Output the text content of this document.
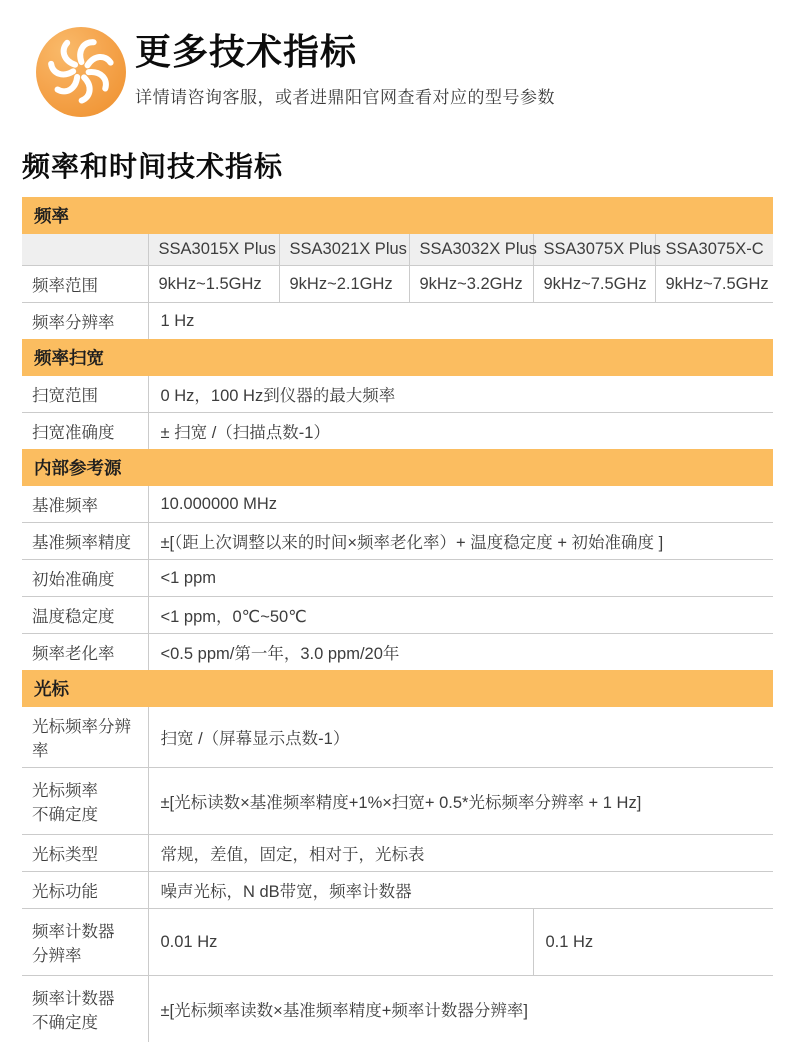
更多技术指标
详情请咨询客服，或者进鼎阳官网查看对应的型号参数
频率和时间技术指标
频率					
	SSA3015X Plus	SSA3021X Plus	SSA3032X Plus	SSA3075X Plus	SSA3075X-C
频率范围	9kHz~1.5GHz	9kHz~2.1GHz	9kHz~3.2GHz	9kHz~7.5GHz	9kHz~7.5GHz
频率分辨率	1 Hz				
频率扫宽					
扫宽范围	0 Hz，100 Hz到仪器的最大频率				
扫宽准确度	± 扫宽 /（扫描点数-1）				
内部参考源					
基准频率	10.000000 MHz				
基准频率精度	±[（距上次调整以来的时间×频率老化率）+ 温度稳定度 + 初始准确度 ]				
初始准确度	<1 ppm				
温度稳定度	<1 ppm，0℃~50℃				
频率老化率	<0.5 ppm/第一年，3.0 ppm/20年				
光标					
光标频率分辨率	扫宽 /（屏幕显示点数-1）				
光标频率
不确定度	±[光标读数×基准频率精度+1%×扫宽+ 0.5*光标频率分辨率 + 1 Hz]				
光标类型	常规，差值，固定，相对于，光标表				
光标功能	噪声光标，N dB带宽，频率计数器				
频率计数器
分辨率	0.01 Hz			0.1 Hz	
频率计数器
不确定度	±[光标频率读数×基准频率精度+频率计数器分辨率]				
